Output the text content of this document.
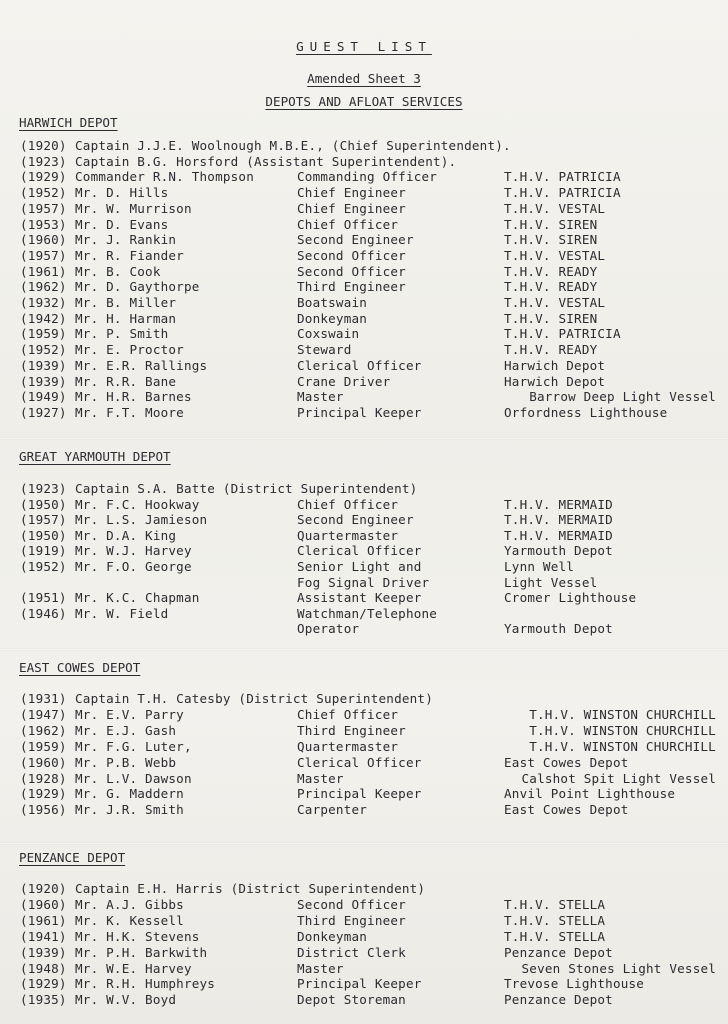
GUEST LIST
Amended Sheet 3
DEPOTS AND AFLOAT SERVICES
HARWICH DEPOT
(1920) Captain J.J.E. Woolnough M.B.E., (Chief Superintendent).
(1923) Captain B.G. Horsford (Assistant Superintendent).
(1929) Commander R.N. Thompson	Commanding Officer	T.H.V. PATRICIA
(1952) Mr. D. Hills	Chief Engineer	T.H.V. PATRICIA
(1957) Mr. W. Murrison	Chief Engineer	T.H.V. VESTAL
(1953) Mr. D. Evans	Chief Officer	T.H.V. SIREN
(1960) Mr. J. Rankin	Second Engineer	T.H.V. SIREN
(1957) Mr. R. Fiander	Second Officer	T.H.V. VESTAL
(1961) Mr. B. Cook	Second Officer	T.H.V. READY
(1962) Mr. D. Gaythorpe	Third Engineer	T.H.V. READY
(1932) Mr. B. Miller	Boatswain	T.H.V. VESTAL
(1942) Mr. H. Harman	Donkeyman	T.H.V. SIREN
(1959) Mr. P. Smith	Coxswain	T.H.V. PATRICIA
(1952) Mr. E. Proctor	Steward	T.H.V. READY
(1939) Mr. E.R. Rallings	Clerical Officer	Harwich Depot
(1939) Mr. R.R. Bane	Crane Driver	Harwich Depot
(1949) Mr. H.R. Barnes	Master	Barrow Deep Light Vessel
(1927) Mr. F.T. Moore	Principal Keeper	Orfordness Lighthouse
GREAT YARMOUTH DEPOT
(1923) Captain S.A. Batte (District Superintendent)
(1950) Mr. F.C. Hookway	Chief Officer	T.H.V. MERMAID
(1957) Mr. L.S. Jamieson	Second Engineer	T.H.V. MERMAID
(1950) Mr. D.A. King	Quartermaster	T.H.V. MERMAID
(1919) Mr. W.J. Harvey	Clerical Officer	Yarmouth Depot
(1952) Mr. F.O. George	Senior Light and	Lynn Well
Fog Signal Driver	Light Vessel
(1951) Mr. K.C. Chapman	Assistant Keeper	Cromer Lighthouse
(1946) Mr. W. Field	Watchman/Telephone
Operator	Yarmouth Depot
EAST COWES DEPOT
(1931) Captain T.H. Catesby (District Superintendent)
(1947) Mr. E.V. Parry	Chief Officer	T.H.V. WINSTON CHURCHILL
(1962) Mr. E.J. Gash	Third Engineer	T.H.V. WINSTON CHURCHILL
(1959) Mr. F.G. Luter,	Quartermaster	T.H.V. WINSTON CHURCHILL
(1960) Mr. P.B. Webb	Clerical Officer	East Cowes Depot
(1928) Mr. L.V. Dawson	Master	Calshot Spit Light Vessel
(1929) Mr. G. Maddern	Principal Keeper	Anvil Point Lighthouse
(1956) Mr. J.R. Smith	Carpenter	East Cowes Depot
PENZANCE DEPOT
(1920) Captain E.H. Harris (District Superintendent)
(1960) Mr. A.J. Gibbs	Second Officer	T.H.V. STELLA
(1961) Mr. K. Kessell	Third Engineer	T.H.V. STELLA
(1941) Mr. H.K. Stevens	Donkeyman	T.H.V. STELLA
(1939) Mr. P.H. Barkwith	District Clerk	Penzance Depot
(1948) Mr. W.E. Harvey	Master	Seven Stones Light Vessel
(1929) Mr. R.H. Humphreys	Principal Keeper	Trevose Lighthouse
(1935) Mr. W.V. Boyd	Depot Storeman	Penzance Depot
